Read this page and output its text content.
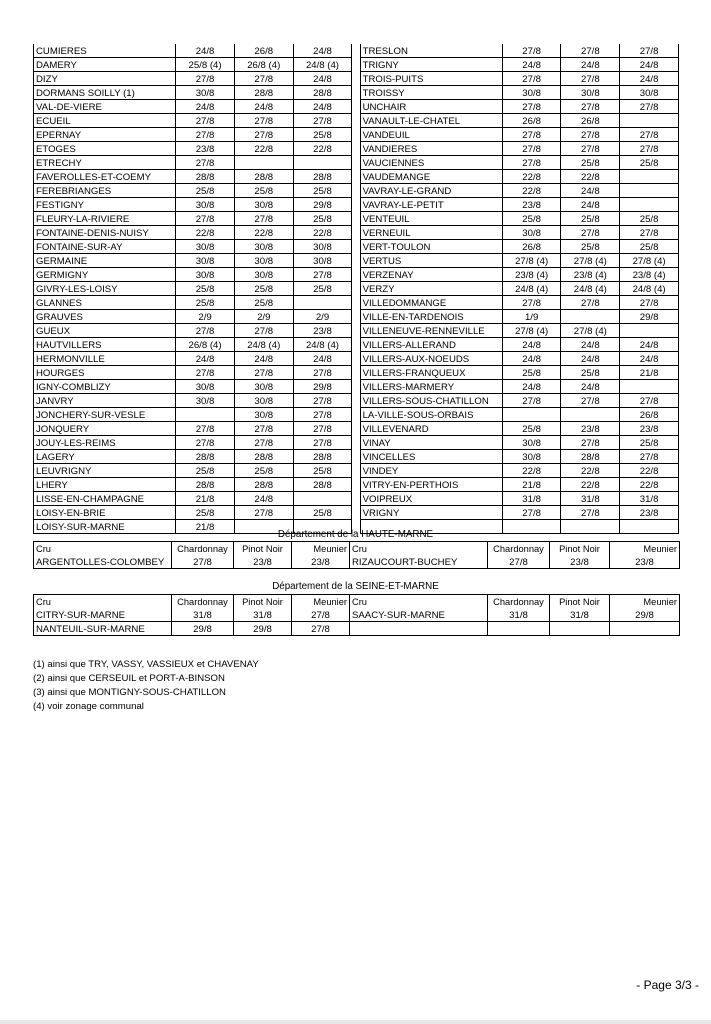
CUMIERES	24/8	26/8	24/8		TRESLON	27/8	27/8	27/8
DAMERY	25/8 (4)	26/8 (4)	24/8 (4)		TRIGNY	24/8	24/8	24/8
DIZY	27/8	27/8	24/8		TROIS-PUITS	27/8	27/8	24/8
DORMANS SOILLY (1)	30/8	28/8	28/8		TROISSY	30/8	30/8	30/8
VAL-DE-VIERE	24/8	24/8	24/8		UNCHAIR	27/8	27/8	27/8
ECUEIL	27/8	27/8	27/8		VANAULT-LE-CHATEL	26/8	26/8	
EPERNAY	27/8	27/8	25/8		VANDEUIL	27/8	27/8	27/8
ETOGES	23/8	22/8	22/8		VANDIERES	27/8	27/8	27/8
ETRECHY	27/8				VAUCIENNES	27/8	25/8	25/8
FAVEROLLES-ET-COEMY	28/8	28/8	28/8		VAUDEMANGE	22/8	22/8	
FEREBRIANGES	25/8	25/8	25/8		VAVRAY-LE-GRAND	22/8	24/8	
FESTIGNY	30/8	30/8	29/8		VAVRAY-LE-PETIT	23/8	24/8	
FLEURY-LA-RIVIERE	27/8	27/8	25/8		VENTEUIL	25/8	25/8	25/8
FONTAINE-DENIS-NUISY	22/8	22/8	22/8		VERNEUIL	30/8	27/8	27/8
FONTAINE-SUR-AY	30/8	30/8	30/8		VERT-TOULON	26/8	25/8	25/8
GERMAINE	30/8	30/8	30/8		VERTUS	27/8 (4)	27/8 (4)	27/8 (4)
GERMIGNY	30/8	30/8	27/8		VERZENAY	23/8 (4)	23/8 (4)	23/8 (4)
GIVRY-LES-LOISY	25/8	25/8	25/8		VERZY	24/8 (4)	24/8 (4)	24/8 (4)
GLANNES	25/8	25/8			VILLEDOMMANGE	27/8	27/8	27/8
GRAUVES	2/9	2/9	2/9		VILLE-EN-TARDENOIS	1/9		29/8
GUEUX	27/8	27/8	23/8		VILLENEUVE-RENNEVILLE	27/8 (4)	27/8 (4)	
HAUTVILLERS	26/8 (4)	24/8 (4)	24/8 (4)		VILLERS-ALLERAND	24/8	24/8	24/8
HERMONVILLE	24/8	24/8	24/8		VILLERS-AUX-NOEUDS	24/8	24/8	24/8
HOURGES	27/8	27/8	27/8		VILLERS-FRANQUEUX	25/8	25/8	21/8
IGNY-COMBLIZY	30/8	30/8	29/8		VILLERS-MARMERY	24/8	24/8	
JANVRY	30/8	30/8	27/8		VILLERS-SOUS-CHATILLON	27/8	27/8	27/8
JONCHERY-SUR-VESLE		30/8	27/8		LA-VILLE-SOUS-ORBAIS			26/8
JONQUERY	27/8	27/8	27/8		VILLEVENARD	25/8	23/8	23/8
JOUY-LES-REIMS	27/8	27/8	27/8		VINAY	30/8	27/8	25/8
LAGERY	28/8	28/8	28/8		VINCELLES	30/8	28/8	27/8
LEUVRIGNY	25/8	25/8	25/8		VINDEY	22/8	22/8	22/8
LHERY	28/8	28/8	28/8		VITRY-EN-PERTHOIS	21/8	22/8	22/8
LISSE-EN-CHAMPAGNE	21/8	24/8			VOIPREUX	31/8	31/8	31/8
LOISY-EN-BRIE	25/8	27/8	25/8		VRIGNY	27/8	27/8	23/8
LOISY-SUR-MARNE	21/8							
Département de la HAUTE-MARNE
Cru	Chardonnay	Pinot Noir	Meunier	Cru	Chardonnay	Pinot Noir	Meunier
ARGENTOLLES-COLOMBEY	27/8	23/8	23/8	RIZAUCOURT-BUCHEY	27/8	23/8	23/8
Département de la SEINE-ET-MARNE
Cru	Chardonnay	Pinot Noir	Meunier	Cru	Chardonnay	Pinot Noir	Meunier
CITRY-SUR-MARNE	31/8	31/8	27/8	SAACY-SUR-MARNE	31/8	31/8	29/8
NANTEUIL-SUR-MARNE	29/8	29/8	27/8				
(1) ainsi que TRY, VASSY, VASSIEUX et CHAVENAY
(2) ainsi que CERSEUIL et PORT-A-BINSON
(3) ainsi que MONTIGNY-SOUS-CHATILLON
(4) voir zonage communal
- Page 3/3 -
